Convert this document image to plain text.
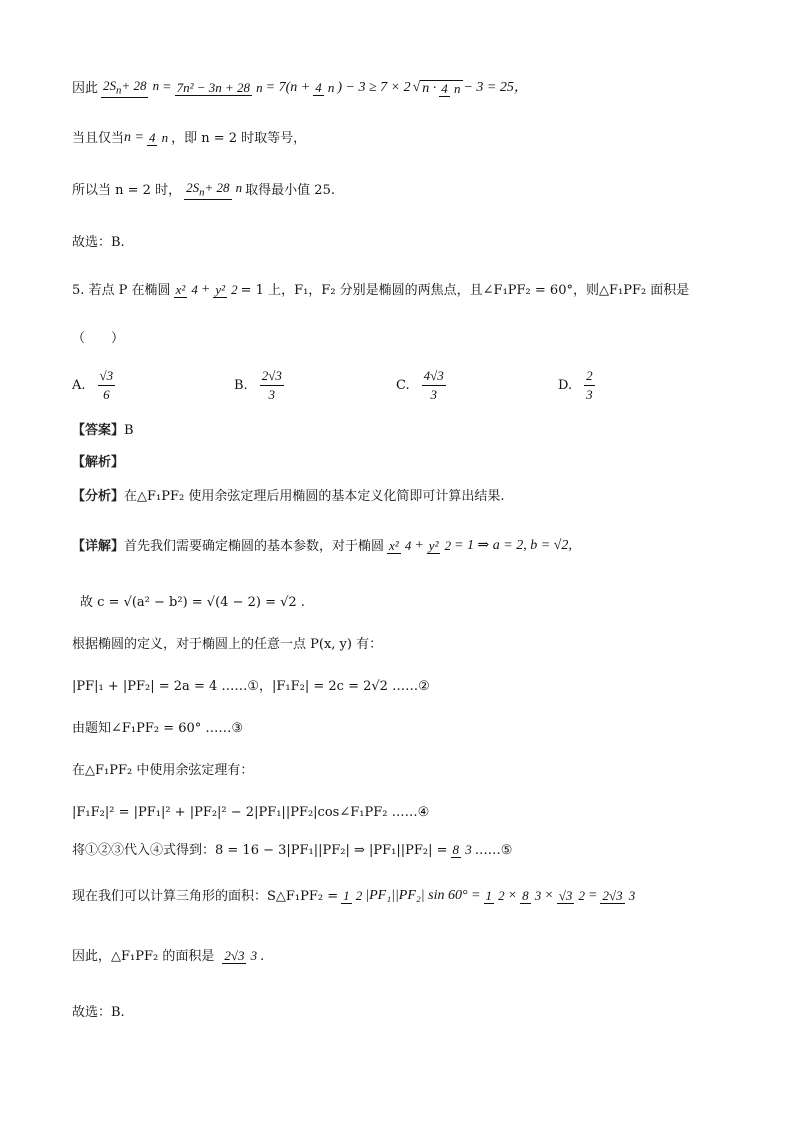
因此 $2S_n+ 28$ n = 7n² − 3n + 28 n = 7(n + 4 n ) − 3 ≥ 7 × 2 √ n · 4 n − 3 = 25，
当且仅当 n = 4 n ，即 n = 2 时取等号，
所以当 n = 2 时， $2S_n+ 28$ n 取得最小值 25.
故选：B.
5. 若点 P 在椭圆 x² 4 + y² 2 = 1 上，F₁，F₂ 分别是椭圆的两焦点，且∠F₁PF₂ = 60°，则△F₁PF₂ 面积是
（　　）
A. $\frac{√3}{6}$	B. $\frac{2√3}{3}$	C. $\frac{4√3}{3}$	D. $\frac{2}{3}$
【答案】 B
【解析】
【分析】 在△F₁PF₂ 使用余弦定理后用椭圆的基本定义化简即可计算出结果.
【详解】 首先我们需要确定椭圆的基本参数，对于椭圆 x² 4 + y² 2 = 1 ⇒ a = 2, b = √2,
故 c = √(a² − b²) = √(4 − 2) = √2 .
根据椭圆的定义，对于椭圆上的任意一点 P(x, y) 有：
|PF|₁ + |PF₂| = 2a = 4 ……①，|F₁F₂| = 2c = 2√2 ……②
由题知∠F₁PF₂ = 60° ……③
在△F₁PF₂ 中使用余弦定理有：
|F₁F₂|² = |PF₁|² + |PF₂|² − 2|PF₁||PF₂|cos∠F₁PF₂ ……④
将①②③代入④式得到：8 = 16 − 3|PF₁||PF₂| ⇒ |PF₁||PF₂| = 8 3 ……⑤
现在我们可以计算三角形的面积：S△F₁PF₂ = 1 2 |PF₁||PF₂| sin 60° = 1 2 × 8 3 × √3 2 = 2√3 3
因此，△F₁PF₂ 的面积是 2√3 3 .
故选：B.
